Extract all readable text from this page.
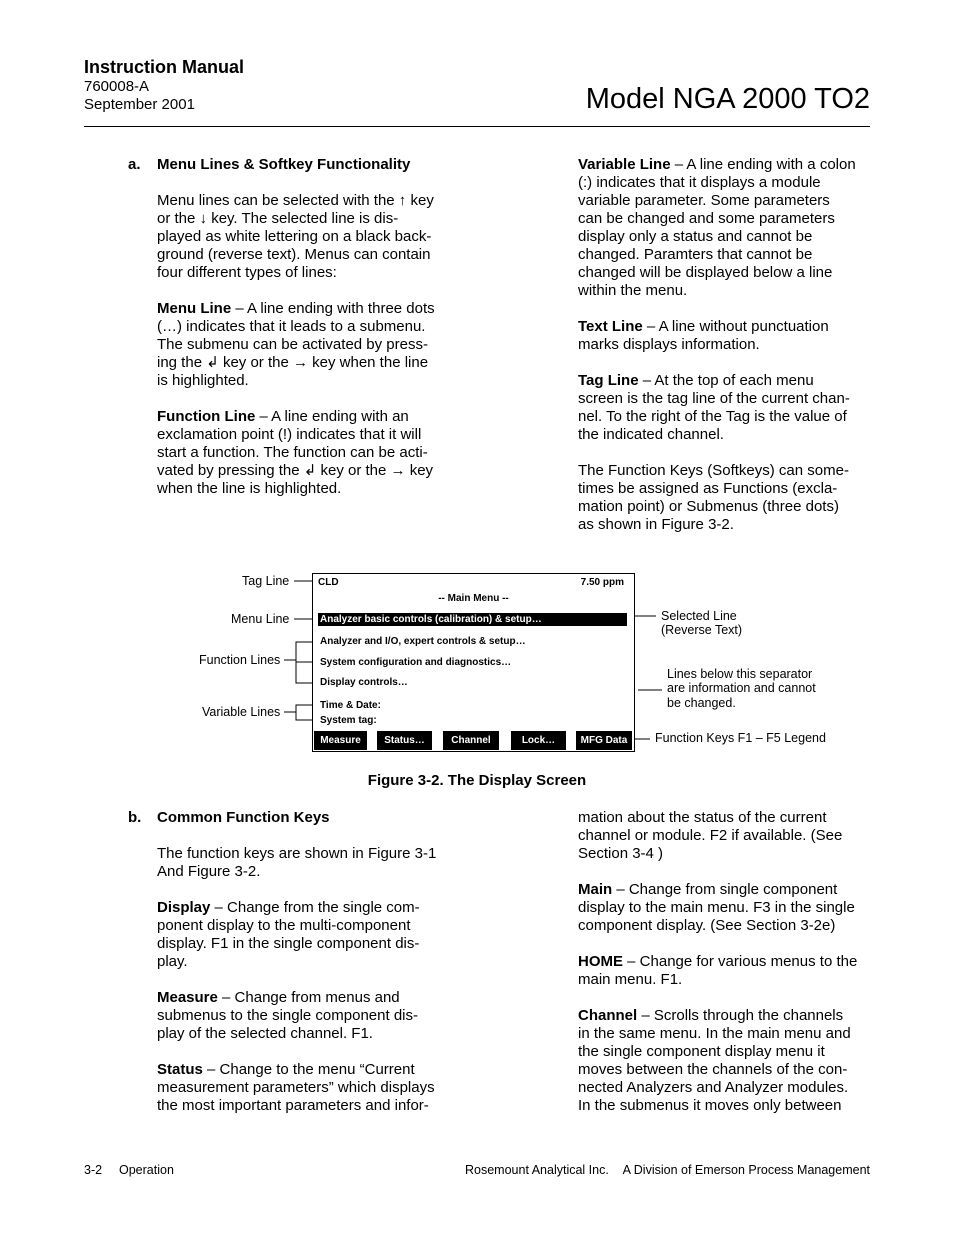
Instruction Manual
760008-A
September 2001	Model NGA 2000 TO2
a. Menu Lines & Softkey Functionality

Menu lines can be selected with the ↑ key
or the ↓ key. The selected line is dis-
played as white lettering on a black back-
ground (reverse text). Menus can contain
four different types of lines:

Menu Line – A line ending with three dots
(…) indicates that it leads to a submenu.
The submenu can be activated by press-
ing the ↲ key or the → key when the line
is highlighted.

Function Line – A line ending with an
exclamation point (!) indicates that it will
start a function. The function can be acti-
vated by pressing the ↲ key or the → key
when the line is highlighted.

Variable Line – A line ending with a colon
(:) indicates that it displays a module
variable parameter. Some parameters
can be changed and some parameters
display only a status and cannot be
changed. Paramters that cannot be
changed will be displayed below a line
within the menu.

Text Line – A line without punctuation
marks displays information.

Tag Line – At the top of each menu
screen is the tag line of the current chan-
nel. To the right of the Tag is the value of
the indicated channel.

The Function Keys (Softkeys) can some-
times be assigned as Functions (excla-
mation point) or Submenus (three dots)
as shown in Figure 3-2.

Tag Line
Menu Line
Function Lines
Variable Lines
Selected Line
(Reverse Text)
Lines below this separator
are information and cannot
be changed.
Function Keys F1 – F5 Legend
CLD	7.50 ppm
-- Main Menu --
Analyzer basic controls (calibration) & setup…
Analyzer and I/O, expert controls & setup…
System configuration and diagnostics…
Display controls…
Time & Date:
System tag:
Measure	Status…	Channel	Lock…	MFG Data
Figure 3-2. The Display Screen
b. Common Function Keys

The function keys are shown in Figure 3-1
And Figure 3-2.

Display – Change from the single com-
ponent display to the multi-component
display. F1 in the single component dis-
play.

Measure – Change from menus and
submenus to the single component dis-
play of the selected channel. F1.

Status – Change to the menu “Current
measurement parameters” which displays
the most important parameters and infor-

mation about the status of the current
channel or module. F2 if available. (See
Section 3-4 )

Main – Change from single component
display to the main menu. F3 in the single
component display. (See Section 3-2e)

HOME – Change for various menus to the
main menu. F1.

Channel – Scrolls through the channels
in the same menu. In the main menu and
the single component display menu it
moves between the channels of the con-
nected Analyzers and Analyzer modules.
In the submenus it moves only between

3-2 Operation	Rosemount Analytical Inc. A Division of Emerson Process Management
